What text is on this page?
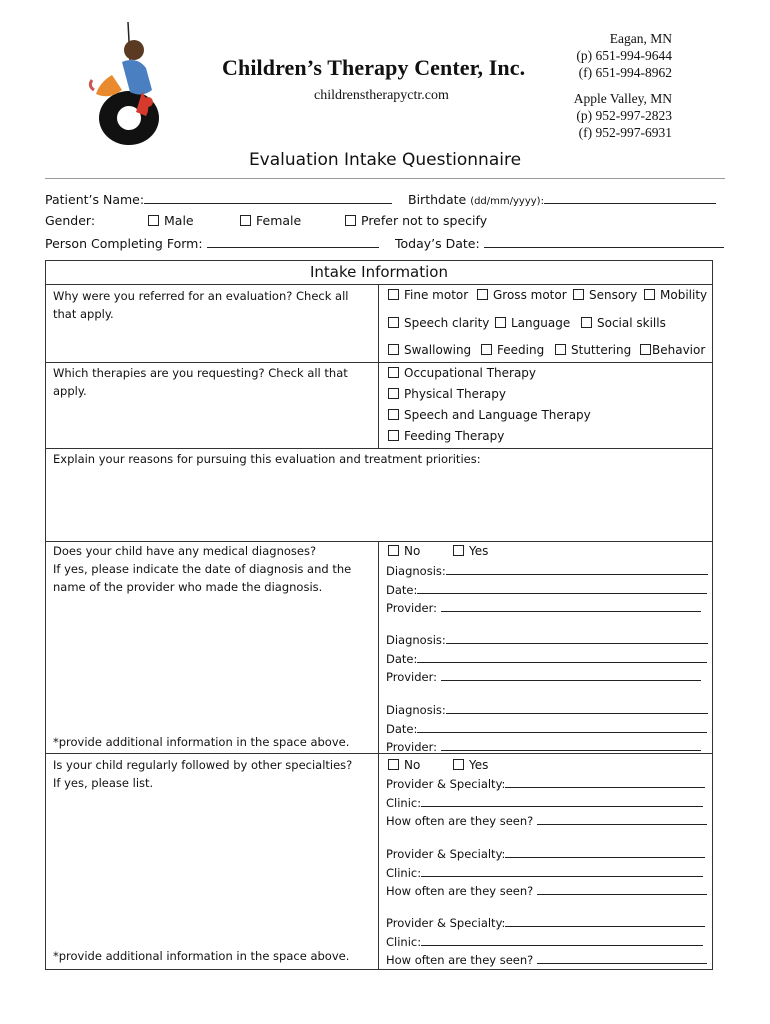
Children’s Therapy Center, Inc.
childrenstherapyctr.com
Eagan, MN
(p) 651-994-9644
(f) 651-994-8962
Apple Valley, MN
(p) 952-997-2823
(f) 952-997-6931
Evaluation Intake Questionnaire
Patient’s Name:	Birthdate (dd/mm/yyyy):
Gender:	Male	Female	Prefer not to specify
Person Completing Form:	Today’s Date:
Intake Information
Why were you referred for an evaluation? Check all that apply.
Fine motor	Gross motor	Sensory	Mobility
Speech clarity	Language	Social skills
Swallowing	Feeding	Stuttering	Behavior
Which therapies are you requesting? Check all that apply.
Occupational Therapy
Physical Therapy
Speech and Language Therapy
Feeding Therapy
Explain your reasons for pursuing this evaluation and treatment priorities:
Does your child have any medical diagnoses?
If yes, please indicate the date of diagnosis and the
name of the provider who made the diagnosis.
*provide additional information in the space above.
No	Yes
Diagnosis:
Date:
Provider:
Diagnosis:
Date:
Provider:
Diagnosis:
Date:
Provider:
Is your child regularly followed by other specialties?
If yes, please list.
*provide additional information in the space above.
No	Yes
Provider & Specialty:
Clinic:
How often are they seen?
Provider & Specialty:
Clinic:
How often are they seen?
Provider & Specialty:
Clinic:
How often are they seen?
